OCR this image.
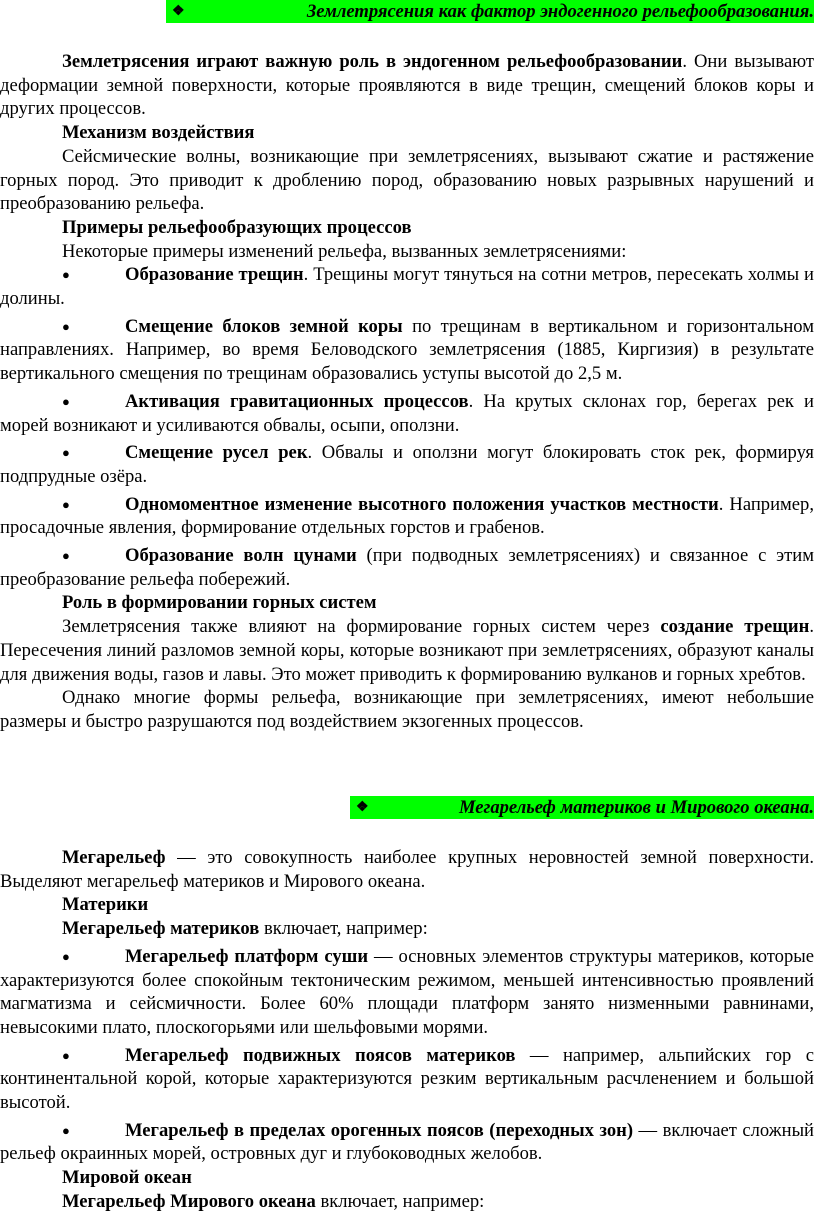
❖	Землетрясения как фактор эндогенного рельефообразования.

Землетрясения играют важную роль в эндогенном рельефообразовании. Они вызывают деформации земной поверхности, которые проявляются в виде трещин, смещений блоков коры и других процессов.

Механизм воздействия

Сейсмические волны, возникающие при землетрясениях, вызывают сжатие и растяжение горных пород. Это приводит к дроблению пород, образованию новых разрывных нарушений и преобразованию рельефа.

Примеры рельефообразующих процессов

Некоторые примеры изменений рельефа, вызванных землетрясениями:

●	Образование трещин. Трещины могут тянуться на сотни метров, пересекать холмы и долины.

●	Смещение блоков земной коры по трещинам в вертикальном и горизонтальном направлениях. Например, во время Беловодского землетрясения (1885, Киргизия) в результате вертикального смещения по трещинам образовались уступы высотой до 2,5 м.

●	Активация гравитационных процессов. На крутых склонах гор, берегах рек и морей возникают и усиливаются обвалы, осыпи, оползни.

●	Смещение русел рек. Обвалы и оползни могут блокировать сток рек, формируя подпрудные озёра.

●	Одномоментное изменение высотного положения участков местности. Например, просадочные явления, формирование отдельных горстов и грабенов.

●	Образование волн цунами (при подводных землетрясениях) и связанное с этим преобразование рельефа побережий.

Роль в формировании горных систем

Землетрясения также влияют на формирование горных систем через создание трещин. Пересечения линий разломов земной коры, которые возникают при землетрясениях, образуют каналы для движения воды, газов и лавы. Это может приводить к формированию вулканов и горных хребтов.

Однако многие формы рельефа, возникающие при землетрясениях, имеют небольшие размеры и быстро разрушаются под воздействием экзогенных процессов.

❖	Мегарельеф материков и Мирового океана.

Мегарельеф — это совокупность наиболее крупных неровностей земной поверхности. Выделяют мегарельеф материков и Мирового океана.

Материки

Мегарельеф материков включает, например:

●	Мегарельеф платформ суши — основных элементов структуры материков, которые характеризуются более спокойным тектоническим режимом, меньшей интенсивностью проявлений магматизма и сейсмичности. Более 60% площади платформ занято низменными равнинами, невысокими плато, плоскогорьями или шельфовыми морями.

●	Мегарельеф подвижных поясов материков — например, альпийских гор с континентальной корой, которые характеризуются резким вертикальным расчленением и большой высотой.

●	Мегарельеф в пределах орогенных поясов (переходных зон) — включает сложный рельеф окраинных морей, островных дуг и глубоководных желобов.

Мировой океан

Мегарельеф Мирового океана включает, например:
